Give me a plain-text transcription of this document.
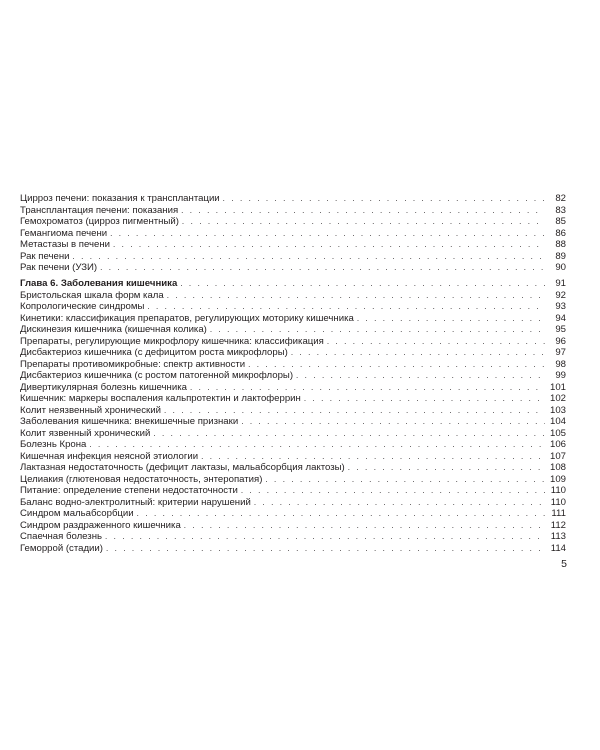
Цирроз печени: показания к трансплантации . . .	82
Трансплантация печени: показания . . .	83
Гемохроматоз (цирроз пигментный) . . .	85
Гемангиома печени . . .	86
Метастазы в печени . . .	88
Рак печени . . .	89
Рак печени (УЗИ) . . .	90
Глава 6. Заболевания кишечника . . .	91
Бристольская шкала форм кала . . .	92
Копрологические синдромы . . .	93
Кинетики: классификация препаратов, регулирующих моторику кишечника . . .	94
Дискинезия кишечника (кишечная колика) . . .	95
Препараты, регулирующие микрофлору кишечника: классификация . . .	96
Дисбактериоз кишечника (с дефицитом роста микрофлоры) . . .	97
Препараты противомикробные: спектр активности . . .	98
Дисбактериоз кишечника (с ростом патогенной микрофлоры) . . .	99
Дивертикулярная болезнь кишечника . . .	101
Кишечник: маркеры воспаления кальпротектин и лактоферрин . . .	102
Колит неязвенный хронический . . .	103
Заболевания кишечника: внекишечные признаки . . .	104
Колит язвенный хронический . . .	105
Болезнь Крона . . .	106
Кишечная инфекция неясной этиологии . . .	107
Лактазная недостаточность (дефицит лактазы, мальабсорбция лактозы) . . .	108
Целиакия (глютеновая недостаточность, энтеропатия) . . .	109
Питание: определение степени недостаточности . . .	110
Баланс водно-электролитный: критерии нарушений . . .	110
Синдром мальабсорбции . . .	111
Синдром раздраженного кишечника . . .	112
Спаечная болезнь . . .	113
Геморрой (стадии) . . .	114
5
